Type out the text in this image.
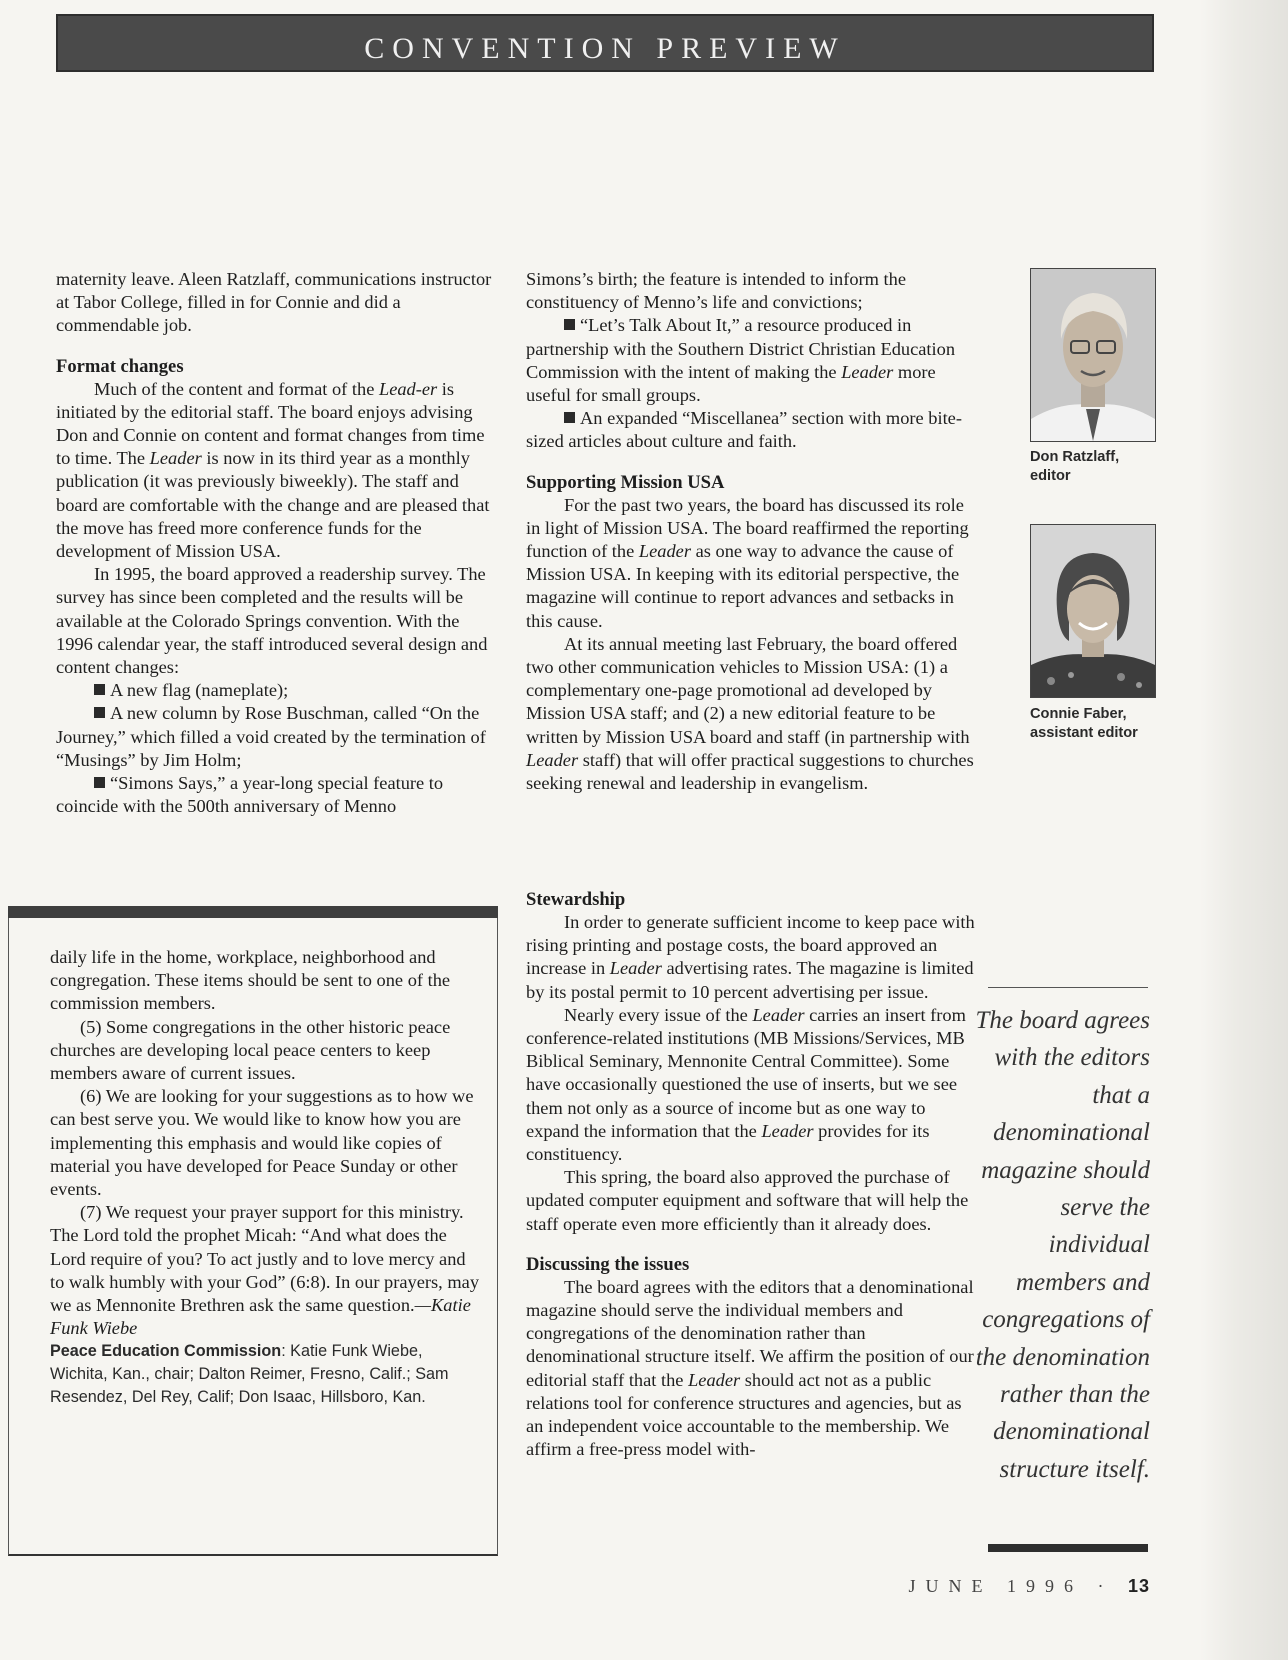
CONVENTION PREVIEW

maternity leave. Aleen Ratzlaff, communications instructor at Tabor College, filled in for Connie and did a commendable job.

Format changes

Much of the content and format of the Lead-er is initiated by the editorial staff. The board enjoys advising Don and Connie on content and format changes from time to time. The Leader is now in its third year as a monthly publication (it was previously biweekly). The staff and board are comfortable with the change and are pleased that the move has freed more conference funds for the development of Mission USA.

In 1995, the board approved a readership survey. The survey has since been completed and the results will be available at the Colorado Springs convention. With the 1996 calendar year, the staff introduced several design and content changes:

A new flag (nameplate);

A new column by Rose Buschman, called “On the Journey,” which filled a void created by the termination of “Musings” by Jim Holm;

“Simons Says,” a year-long special feature to coincide with the 500th anniversary of Menno

Simons’s birth; the feature is intended to inform the constituency of Menno’s life and convictions;

“Let’s Talk About It,” a resource produced in partnership with the Southern District Christian Education Commission with the intent of making the Leader more useful for small groups.

An expanded “Miscellanea” section with more bite-sized articles about culture and faith.

Supporting Mission USA

For the past two years, the board has discussed its role in light of Mission USA. The board reaffirmed the reporting function of the Leader as one way to advance the cause of Mission USA. In keeping with its editorial perspective, the magazine will continue to report advances and setbacks in this cause.

At its annual meeting last February, the board offered two other communication vehicles to Mission USA: (1) a complementary one-page promotional ad developed by Mission USA staff; and (2) a new editorial feature to be written by Mission USA board and staff (in partnership with Leader staff) that will offer practical suggestions to churches seeking renewal and leadership in evangelism.

Stewardship

In order to generate sufficient income to keep pace with rising printing and postage costs, the board approved an increase in Leader advertising rates. The magazine is limited by its postal permit to 10 percent advertising per issue.

Nearly every issue of the Leader carries an insert from conference-related institutions (MB Missions/Services, MB Biblical Seminary, Mennonite Central Committee). Some have occasionally questioned the use of inserts, but we see them not only as a source of income but as one way to expand the information that the Leader provides for its constituency.

This spring, the board also approved the purchase of updated computer equipment and software that will help the staff operate even more efficiently than it already does.

Discussing the issues

The board agrees with the editors that a denominational magazine should serve the individual members and congregations of the denomination rather than denominational structure itself. We affirm the position of our editorial staff that the Leader should act not as a public relations tool for conference structures and agencies, but as an independent voice accountable to the membership. We affirm a free-press model with-

daily life in the home, workplace, neighborhood and congregation. These items should be sent to one of the commission members.

(5) Some congregations in the other historic peace churches are developing local peace centers to keep members aware of current issues.

(6) We are looking for your suggestions as to how we can best serve you. We would like to know how you are implementing this emphasis and would like copies of material you have developed for Peace Sunday or other events.

(7) We request your prayer support for this ministry. The Lord told the prophet Micah: “And what does the Lord require of you? To act justly and to love mercy and to walk humbly with your God” (6:8). In our prayers, may we as Mennonite Brethren ask the same question.—Katie Funk Wiebe

Peace Education Commission: Katie Funk Wiebe, Wichita, Kan., chair; Dalton Reimer, Fresno, Calif.; Sam Resendez, Del Rey, Calif; Don Isaac, Hillsboro, Kan.

Don Ratzlaff,
editor
Connie Faber,
assistant editor
The board agrees with the editors that a denominational magazine should serve the individual members and congregations of the denomination rather than the denominational structure itself.
JUNE 1996 · 13
